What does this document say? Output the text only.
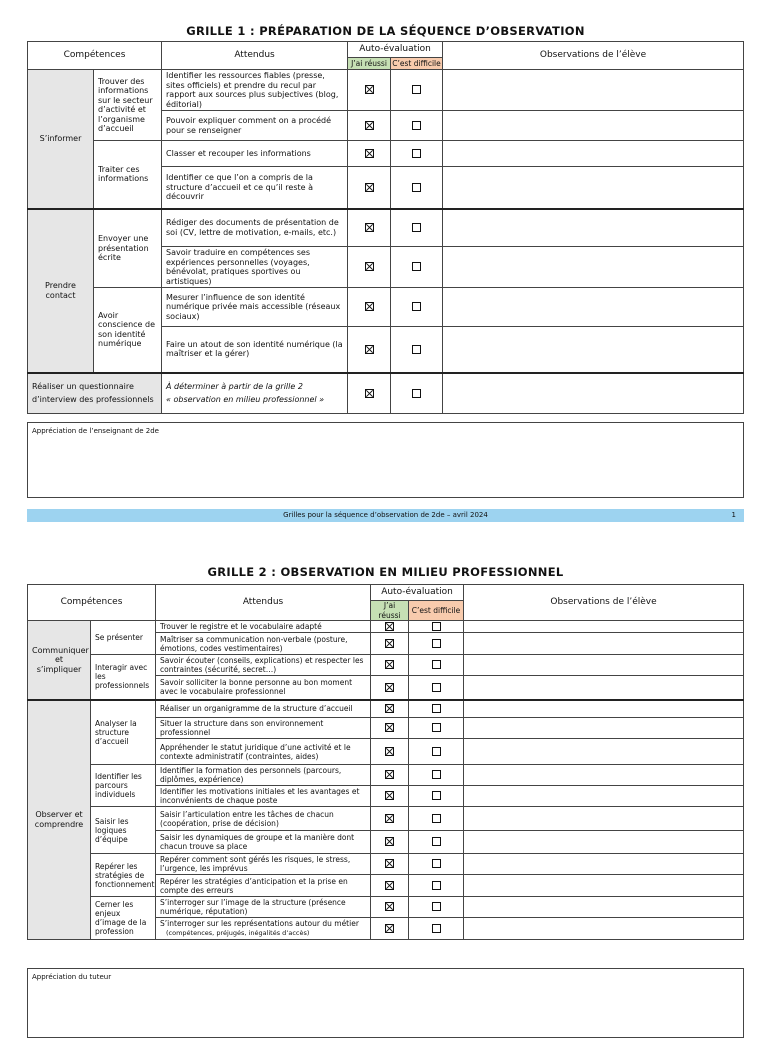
GRILLE 1 : PRÉPARATION DE LA SÉQUENCE D’OBSERVATION
Compétences		Attendus	Auto-évaluation		Observations de l’élève
			J’ai réussi	C’est difficile	
S’informer	Trouver des informations sur le secteur d’activité et l’organisme d’accueil	Identifier les ressources fiables (presse, sites officiels) et prendre du recul par rapport aux sources plus subjectives (blog, éditorial)			
		Pouvoir expliquer comment on a procédé pour se renseigner			
	Traiter ces informations	Classer et recouper les informations			
		Identifier ce que l’on a compris de la structure d’accueil et ce qu’il reste à découvrir			
Prendre contact	Envoyer une présentation écrite	Rédiger des documents de présentation de soi (CV, lettre de motivation, e-mails, etc.)			
		Savoir traduire en compétences ses expériences personnelles (voyages, bénévolat, pratiques sportives ou artistiques)			
	Avoir conscience de son identité numérique	Mesurer l’influence de son identité numérique privée mais accessible (réseaux sociaux)			
		Faire un atout de son identité numérique (la maîtriser et la gérer)			
Réaliser un questionnaire d’interview des professionnels		À déterminer à partir de la grille 2
« observation en milieu professionnel »			
Appréciation de l’enseignant de 2de
Grilles pour la séquence d’observation de 2de – avril 2024	1
GRILLE 2 : OBSERVATION EN MILIEU PROFESSIONNEL
Compétences		Attendus	Auto-évaluation		Observations de l’élève
			J’ai réussi	C’est difficile	
Communiquer et s’impliquer	Se présenter	Trouver le registre et le vocabulaire adapté			
		Maîtriser sa communication non-verbale (posture, émotions, codes vestimentaires)			
	Interagir avec les professionnels	Savoir écouter (conseils, explications) et respecter les contraintes (sécurité, secret…)			
		Savoir solliciter la bonne personne au bon moment avec le vocabulaire professionnel			
Observer et comprendre	Analyser la structure d’accueil	Réaliser un organigramme de la structure d’accueil			
		Situer la structure dans son environnement professionnel			
		Appréhender le statut juridique d’une activité et le contexte administratif (contraintes, aides)			
	Identifier les parcours individuels	Identifier la formation des personnels (parcours, diplômes, expérience)			
		Identifier les motivations initiales et les avantages et inconvénients de chaque poste			
	Saisir les logiques d’équipe	Saisir l’articulation entre les tâches de chacun (coopération, prise de décision)			
		Saisir les dynamiques de groupe et la manière dont chacun trouve sa place			
	Repérer les stratégies de fonctionnement	Repérer comment sont gérés les risques, le stress, l’urgence, les imprévus			
		Repérer les stratégies d’anticipation et la prise en compte des erreurs			
	Cerner les enjeux d’image de la profession	S’interroger sur l’image de la structure (présence numérique, réputation)			
		S’interroger sur les représentations autour du métier
(compétences, préjugés, inégalités d’accès)			
Appréciation du tuteur
